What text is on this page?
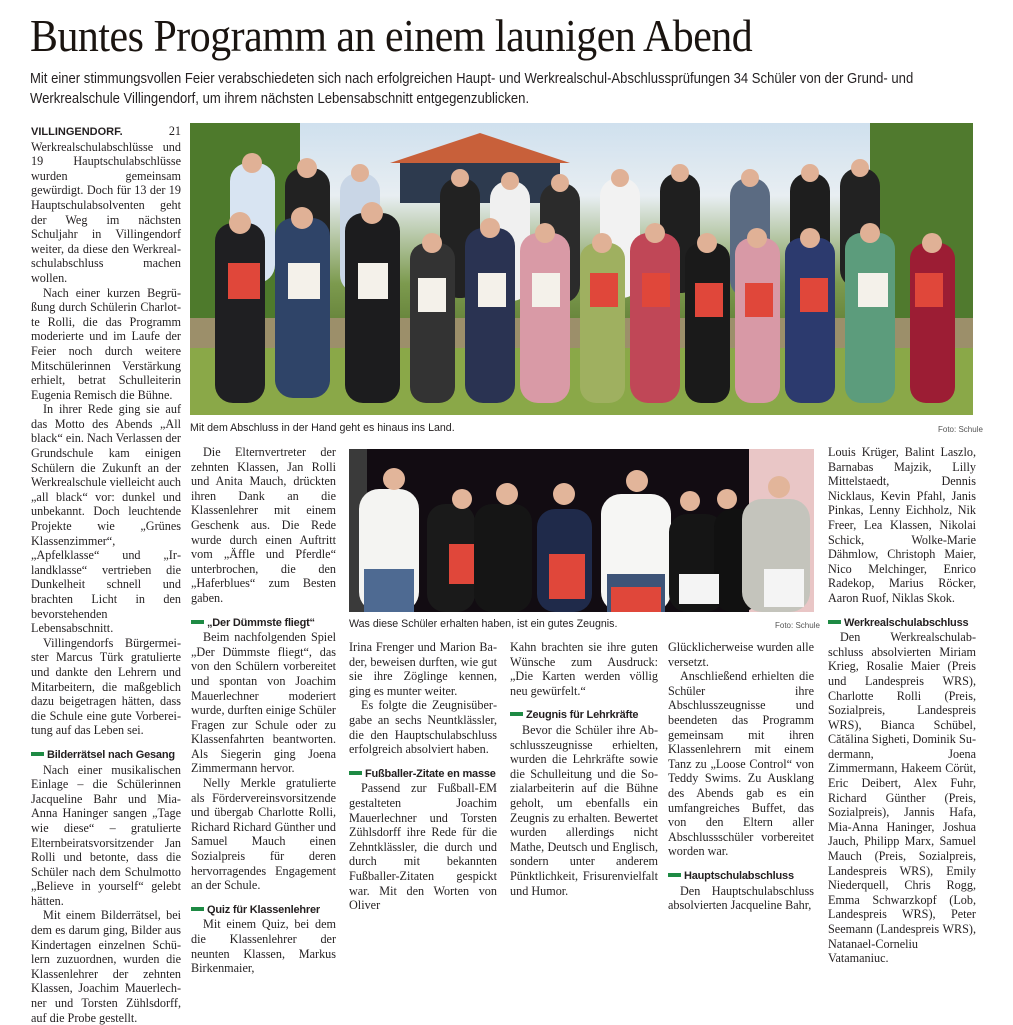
Buntes Programm an einem launigen Abend
Mit einer stimmungsvollen Feier verabschiedeten sich nach erfolgreichen Haupt- und Werkrealschul-Abschlussprüfungen 34 Schüler von der Grund- und Werkrealschule Villingendorf, um ihrem nächsten Lebensabschnitt entgegenzublicken.

VILLINGENDORF. 21 Werkrealschulabschlüsse und 19 Hauptschulabschlüsse wurden gemeinsam gewürdigt. Doch für 13 der 19 Hauptschulabsolventen geht der Weg im nächsten Schuljahr in Villingendorf weiter, da diese den Werkrealschulabschluss machen wollen.

Nach einer kurzen Begrüßung durch Schülerin Charlotte Rolli, die das Programm moderierte und im Laufe der Feier noch durch weitere Mitschülerinnen Verstärkung erhielt, betrat Schulleiterin Eugenia Remisch die Bühne.

In ihrer Rede ging sie auf das Motto des Abends „All black“ ein. Nach Verlassen der Grundschule kam einigen Schülern die Zukunft an der Werkrealschule vielleicht auch „all black“ vor: dunkel und unbekannt. Doch leuchtende Projekte wie „Grünes Klassenzimmer“, „Apfelklasse“ und „Irlandklasse“ vertrieben die Dunkelheit schnell und brachten Licht in den bevorstehenden Lebensabschnitt.

Villingendorfs Bürgermeister Marcus Türk gratulierte und dankte den Lehrern und Mitarbeitern, die maßgeblich dazu beigetragen hätten, dass die Schule eine gute Vorbereitung auf das Leben sei.

Bilderrätsel nach Gesang

Nach einer musikalischen Einlage – die Schülerinnen Jacqueline Bahr und Mia-Anna Haninger sangen „Tage wie diese“ – gratulierte Elternbeiratsvorsitzender Jan Rolli und betonte, dass die Schüler nach dem Schulmotto „Believe in yourself“ gelebt hätten.

Mit einem Bilderrätsel, bei dem es darum ging, Bilder aus Kindertagen einzelnen Schülern zuzuordnen, wurden die Klassenlehrer der zehnten Klassen, Joachim Mauerlechner und Torsten Zühlsdorff, auf die Probe gestellt.

Mit dem Abschluss in der Hand geht es hinaus ins Land.	Foto: Schule

Die Elternvertreter der zehnten Klassen, Jan Rolli und Anita Mauch, drückten ihren Dank an die Klassenlehrer mit einem Geschenk aus. Die Rede wurde durch einen Auftritt vom „Äffle und Pferdle“ unterbrochen, die den „Haferblues“ zum Besten gaben.

„Der Dümmste fliegt“

Beim nachfolgenden Spiel „Der Dümmste fliegt“, das von den Schülern vorbereitet und spontan von Joachim Mauerlechner moderiert wurde, durften einige Schüler Fragen zur Schule oder zu Klassenfahrten beantworten. Als Siegerin ging Joena Zimmermann hervor.

Nelly Merkle gratulierte als Fördervereinsvorsitzende und übergab Charlotte Rolli, Richard Richard Günther und Samuel Mauch einen Sozialpreis für deren hervorragendes Engagement an der Schule.

Quiz für Klassenlehrer

Mit einem Quiz, bei dem die Klassenlehrer der neunten Klassen, Markus Birkenmaier,

Was diese Schüler erhalten haben, ist ein gutes Zeugnis.	Foto: Schule

Irina Frenger und Marion Bader, beweisen durften, wie gut sie ihre Zöglinge kennen, ging es munter weiter.

Es folgte die Zeugnisübergabe an sechs Neuntklässler, die den Hauptschulabschluss erfolgreich absolviert haben.

Fußballer-Zitate en masse

Passend zur Fußball-EM gestalteten Joachim Mauerlechner und Torsten Zühlsdorff ihre Rede für die Zehntklässler, die durch und durch mit bekannten Fußballer-Zitaten gespickt war. Mit den Worten von Oliver

Kahn brachten sie ihre guten Wünsche zum Ausdruck: „Die Karten werden völlig neu gewürfelt.“

Zeugnis für Lehrkräfte

Bevor die Schüler ihre Abschlusszeugnisse erhielten, wurden die Lehrkräfte sowie die Schulleitung und die Sozialarbeiterin auf die Bühne geholt, um ebenfalls ein Zeugnis zu erhalten. Bewertet wurden allerdings nicht Mathe, Deutsch und Englisch, sondern unter anderem Pünktlichkeit, Frisurenvielfalt und Humor.

Glücklicherweise wurden alle versetzt.

Anschließend erhielten die Schüler ihre Abschlusszeugnisse und beendeten das Programm gemeinsam mit ihren Klassenlehrern mit einem Tanz zu „Loose Control“ von Teddy Swims. Zu Ausklang des Abends gab es ein umfangreiches Buffet, das von den Eltern aller Abschlussschüler vorbereitet worden war.

Hauptschulabschluss

Den Hauptschulabschluss absolvierten Jacqueline Bahr,

Louis Krüger, Balint Laszlo, Barnabas Majzik, Lilly Mittelstaedt, Dennis Nicklaus, Kevin Pfahl, Janis Pinkas, Lenny Eichholz, Nik Freer, Lea Klassen, Nikolai Schick, Wolke-Marie Dähmlow, Christoph Maier, Nico Melchinger, Enrico Radekop, Marius Röcker, Aaron Ruof, Niklas Skok.

Werkrealschulabschluss

Den Werkrealschulabschluss absolvierten Miriam Krieg, Rosalie Maier (Preis und Landespreis WRS), Charlotte Rolli (Preis, Sozialpreis, Landespreis WRS), Bianca Schübel, Cătălina Sigheti, Dominik Sudermann, Joena Zimmermann, Hakeem Cörüt, Eric Deibert, Alex Fuhr, Richard Günther (Preis, Sozialpreis), Jannis Hafa, Mia-Anna Haninger, Joshua Jauch, Philipp Marx, Samuel Mauch (Preis, Sozialpreis, Landespreis WRS), Emily Niederquell, Chris Rogg, Emma Schwarzkopf (Lob, Landespreis WRS), Peter Seemann (Landespreis WRS), Natanael-Corneliu Vatamaniuc.
